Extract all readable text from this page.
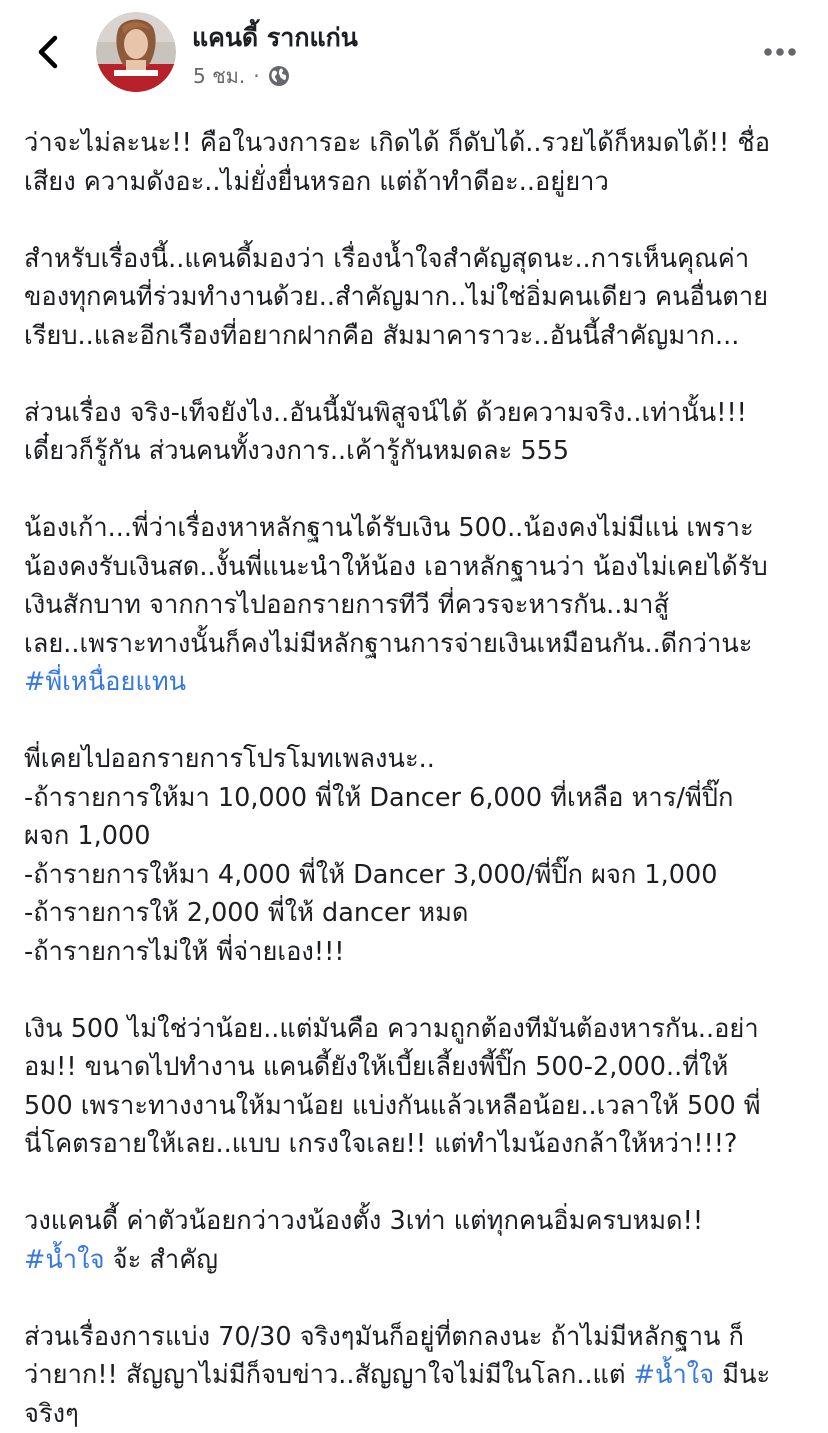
แคนดี้ รากแก่น
5 ชม. ·
ว่าจะไม่ละนะ!! คือในวงการอะ เกิดได้ ก็ดับได้..รวยได้ก็หมดได้!! ชื่อ
เสียง ความดังอะ..ไม่ยั่งยื่นหรอก แต่ถ้าทำดีอะ..อยู่ยาว
สำหรับเรื่องนี้..แคนดี้มองว่า เรื่องน้ำใจสำคัญสุดนะ..การเห็นคุณค่า
ของทุกคนที่ร่วมทำงานด้วย..สำคัญมาก..ไม่ใช่อิ่มคนเดียว คนอื่นตาย
เรียบ..และอีกเรืองที่อยากฝากคือ สัมมาคาราวะ..อันนี้สำคัญมาก...
ส่วนเรื่อง จริง-เท็จยังไง..อันนี้มันพิสูจน์ได้ ด้วยความจริง..เท่านั้น!!!
เดี๋ยวก็รู้กัน ส่วนคนทั้งวงการ..เค้ารู้กันหมดละ 555
น้องเก้า...พี่ว่าเรื่องหาหลักฐานได้รับเงิน 500..น้องคงไม่มีแน่ เพราะ
น้องคงรับเงินสด..งั้นพี่แนะนำให้น้อง เอาหลักฐานว่า น้องไม่เคยได้รับ
เงินสักบาท จากการไปออกรายการทีวี ที่ควรจะหารกัน..มาสู้
เลย..เพราะทางนั้นก็คงไม่มีหลักฐานการจ่ายเงินเหมือนกัน..ดีกว่านะ
#พี่เหนื่อยแทน
พี่เคยไปออกรายการโปรโมทเพลงนะ..
-ถ้ารายการให้มา 10,000 พี่ให้ Dancer 6,000 ที่เหลือ หาร/พี่ปิ๊ก
ผจก 1,000
-ถ้ารายการให้มา 4,000 พี่ให้ Dancer 3,000/พี่ปิ๊ก ผจก 1,000
-ถ้ารายการให้ 2,000 พี่ให้ dancer หมด
-ถ้ารายการไม่ให้ พี่จ่ายเอง!!!
เงิน 500 ไม่ใช่ว่าน้อย..แต่มันคือ ความถูกต้องทีมันต้องหารกัน..อย่า
อม!! ขนาดไปทำงาน แคนดี้ยังให้เบี้ยเลี้ยงพี้ปิ๊ก 500-2,000..ที่ให้
500 เพราะทางงานให้มาน้อย แบ่งกันแล้วเหลือน้อย..เวลาให้ 500 พี่
นี่โคตรอายให้เลย..แบบ เกรงใจเลย!! แต่ทำไมน้องกล้าให้หว่า!!!?
วงแคนดี้ ค่าตัวน้อยกว่าวงน้องตั้ง 3เท่า แต่ทุกคนอิ่มครบหมด!!
#น้ำใจ จ้ะ สำคัญ
ส่วนเรื่องการแบ่ง 70/30 จริงๆมันก็อยู่ที่ตกลงนะ ถ้าไม่มีหลักฐาน ก็
ว่ายาก!! สัญญาไม่มีก็จบข่าว..สัญญาใจไม่มีในโลก..แต่ #น้ำใจ มีนะ
จริงๆ
